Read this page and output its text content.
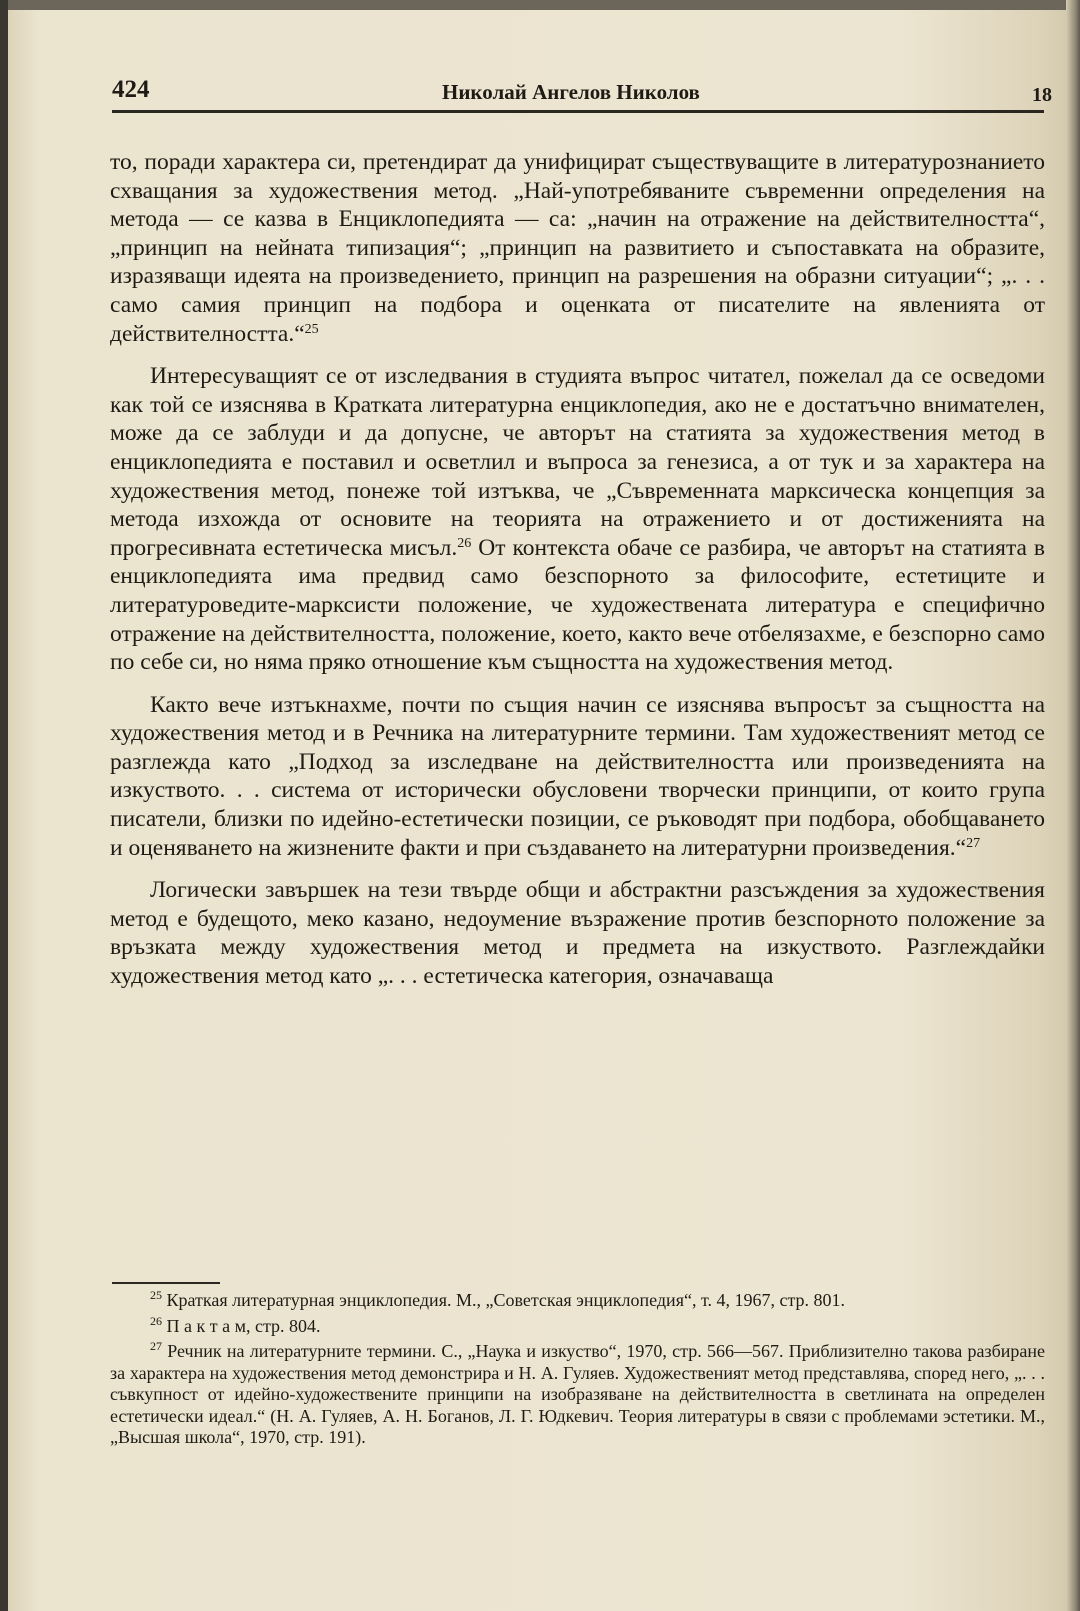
424	Николай Ангелов Николов	18

то, поради характера си, претендират да унифицират съществуващите в литературознанието схващания за художествения метод. „Най-употребяваните съвременни определения на метода — се казва в Енциклопедията — са: „начин на отражение на действителността“, „принцип на нейната типизация“; „принцип на развитието и съпоставката на образите, изразяващи идеята на произведението, принцип на разрешения на образни ситуации“; „. . . само самия принцип на подбора и оценката от писателите на явленията от действителността.“$^{25}$

Интересуващият се от изследвания в студията въпрос читател, пожелал да се осведоми как той се изяснява в Кратката литературна енциклопедия, ако не е достатъчно внимателен, може да се заблуди и да допусне, че авторът на статията за художествения метод в енциклопедията е поставил и осветлил и въпроса за генезиса, а от тук и за характера на художествения метод, понеже той изтъква, че „Съвременната марксическа концепция за метода изхожда от основите на теорията на отражението и от достиженията на прогресивната естетическа мисъл.$^{26}$ От контекста обаче се разбира, че авторът на статията в енциклопедията има предвид само безспорното за философите, естетиците и литературоведите-марксисти положение, че художествената литература е специфично отражение на действителността, положение, което, както вече отбелязахме, е безспорно само по себе си, но няма пряко отношение към същността на художествения метод.

Както вече изтъкнахме, почти по същия начин се изяснява въпросът за същността на художествения метод и в Речника на литературните термини. Там художественият метод се разглежда като „Подход за изследване на действителността или произведенията на изкуството. . . система от исторически обусловени творчески принципи, от които група писатели, близки по идейно-естетически позиции, се ръководят при подбора, обобщаването и оценяването на жизнените факти и при създаването на литературни произведения.“$^{27}$

Логически завършек на тези твърде общи и абстрактни разсъждения за художествения метод е будещото, меко казано, недоумение възражение против безспорното положение за връзката между художествения метод и предмета на изкуството. Разглеждайки художествения метод като „. . . естетическа категория, означаваща

$^{25}$ Краткая литературная энциклопедия. М., „Советская энциклопедия“, т. 4, 1967, стр. 801.

$^{26}$ П а к т а м, стр. 804.

$^{27}$ Речник на литературните термини. С., „Наука и изкуство“, 1970, стр. 566—567. Приблизително такова разбиране за характера на художествения метод демонстрира и Н. А. Гуляев. Художественият метод представлява, според него, „. . . съвкупност от идейно-художествените принципи на изобразяване на действителността в светлината на определен естетически идеал.“ (Н. А. Гуляев, А. Н. Боганов, Л. Г. Юдкевич. Теория литературы в связи с проблемами эстетики. М., „Высшая школа“, 1970, стр. 191).
